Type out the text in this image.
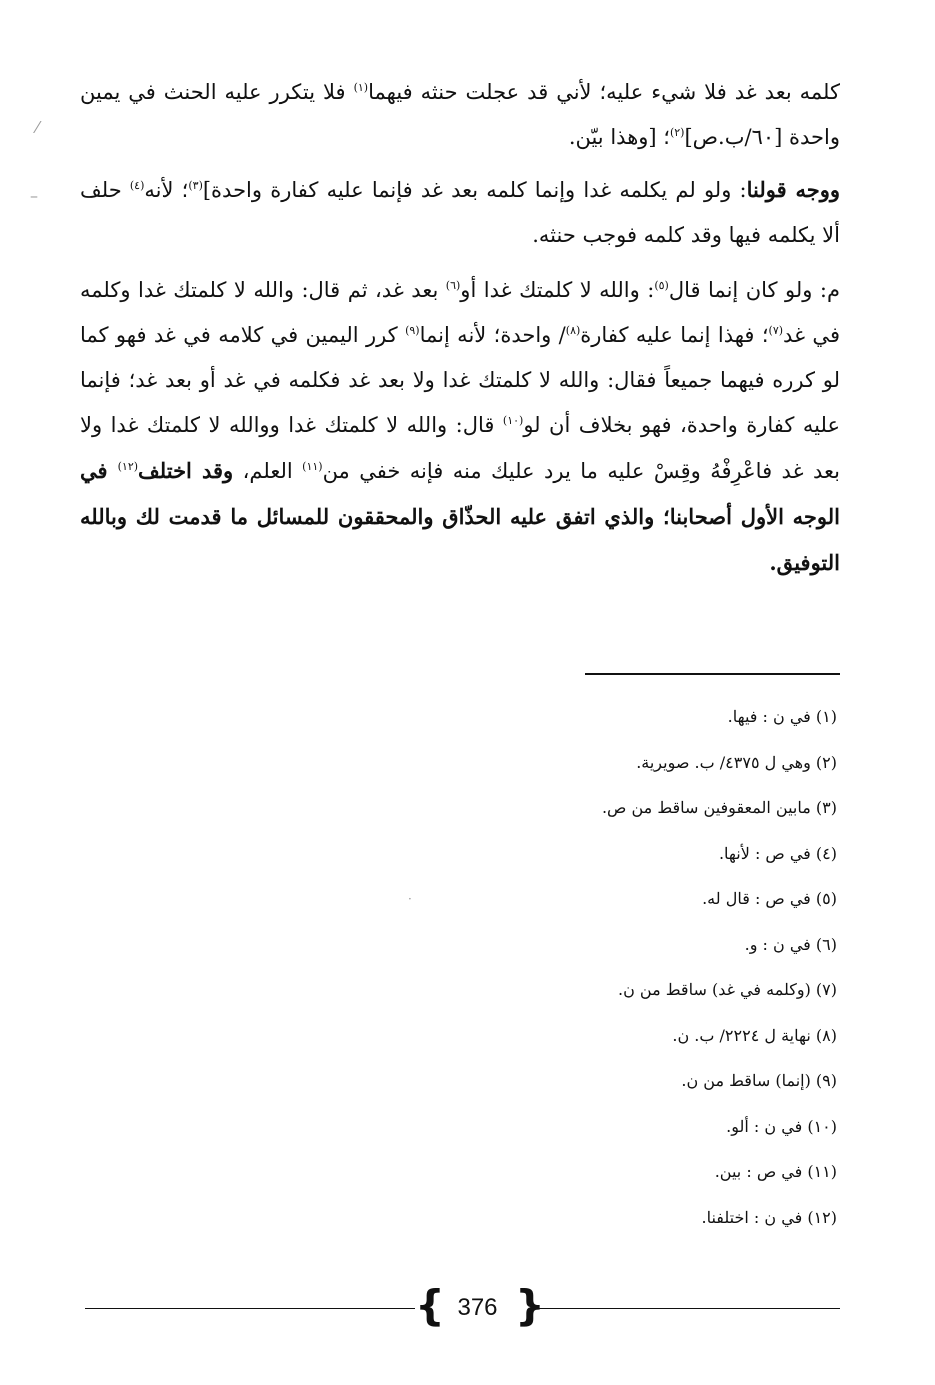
كلمه بعد غد فلا شيء عليه؛ لأني قد عجلت حنثه فيهما$^{(١)}$ فلا يتكرر عليه الحنث في يمين واحدة [٦٠/ب.ص]$^{(٢)}$؛ [وهذا بيّن.

ووجه قولنا: ولو لم يكلمه غدا وإنما كلمه بعد غد فإنما عليه كفارة واحدة]$^{(٣)}$؛ لأنه$^{(٤)}$ حلف ألا يكلمه فيها وقد كلمه فوجب حنثه.

م: ولو كان إنما قال$^{(٥)}$: والله لا كلمتك غدا أو$^{(٦)}$ بعد غد، ثم قال: والله لا كلمتك غدا وكلمه في غد$^{(٧)}$؛ فهذا إنما عليه كفارة$^{(٨)}$/ واحدة؛ لأنه إنما$^{(٩)}$ كرر اليمين في كلامه في غد فهو كما لو كرره فيهما جميعاً فقال: والله لا كلمتك غدا ولا بعد غد فكلمه في غد أو بعد غد؛ فإنما عليه كفارة واحدة، فهو بخلاف أن لو$^{(١٠)}$ قال: والله لا كلمتك غدا ووالله لا كلمتك غدا ولا بعد غد فاعْرِفْهُ وقِسْ عليه ما يرد عليك منه فإنه خفي من$^{(١١)}$ العلم، وقد اختلف$^{(١٢)}$ في الوجه الأول أصحابنا؛ والذي اتفق عليه الحذّاق والمحققون للمسائل ما قدمت لك وبالله التوفيق.

(١) في ن : فيها.
(٢) وهي ل ٤٣٧٥/ ب. صويرية.
(٣) مابين المعقوفين ساقط من ص.
(٤) في ص : لأنها.
(٥) في ص : قال له.
(٦) في ن : و.
(٧) (وكلمه في غد) ساقط من ن.
(٨) نهاية ل ٢٢٢٤/ ب. ن.
(٩) (إنما) ساقط من ن.
(١٠) في ن : ألو.
(١١) في ص : بين.
(١٢) في ن : اختلفنا.
{ 376 }
⁄
–
·
